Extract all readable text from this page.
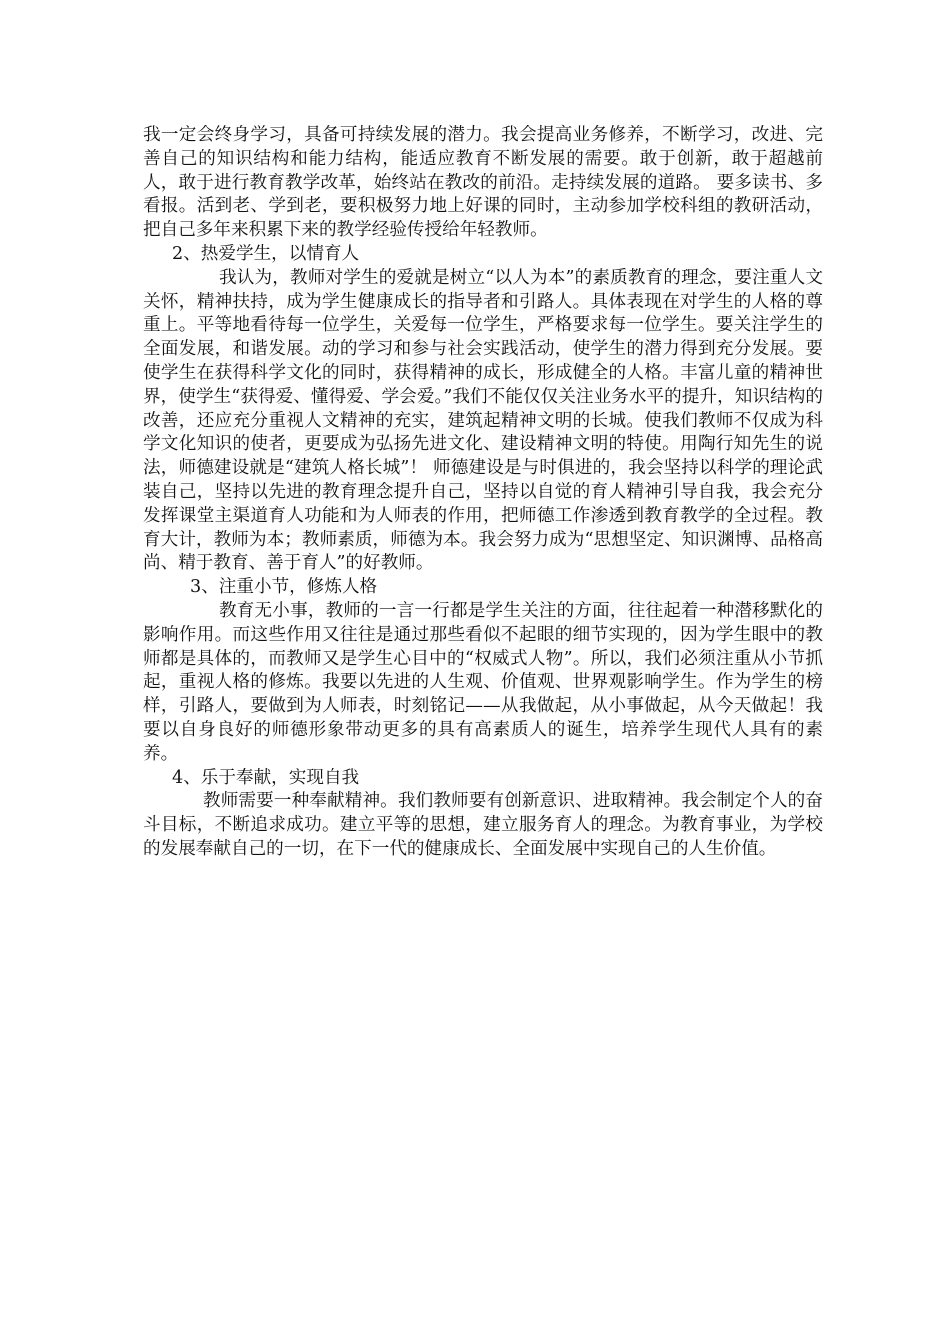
我一定会终身学习，具备可持续发展的潜力。我会提高业务修养，不断学习，改进、完善自己的知识结构和能力结构，能适应教育不断发展的需要。敢于创新，敢于超越前人，敢于进行教育教学改革，始终站在教改的前沿。走持续发展的道路。 要多读书、多看报。活到老、学到老，要积极努力地上好课的同时，主动参加学校科组的教研活动，把自己多年来积累下来的教学经验传授给年轻教师。

2、热爱学生，以情育人

我认为，教师对学生的爱就是树立“以人为本”的素质教育的理念，要注重人文关怀，精神扶持，成为学生健康成长的指导者和引路人。具体表现在对学生的人格的尊重上。平等地看待每一位学生，关爱每一位学生，严格要求每一位学生。要关注学生的全面发展，和谐发展。动的学习和参与社会实践活动，使学生的潜力得到充分发展。要使学生在获得科学文化的同时，获得精神的成长，形成健全的人格。丰富儿童的精神世界，使学生“获得爱、懂得爱、学会爱。”我们不能仅仅关注业务水平的提升，知识结构的改善，还应充分重视人文精神的充实，建筑起精神文明的长城。使我们教师不仅成为科学文化知识的使者，更要成为弘扬先进文化、建设精神文明的特使。用陶行知先生的说法，师德建设就是“建筑人格长城”！ 师德建设是与时俱进的，我会坚持以科学的理论武装自己，坚持以先进的教育理念提升自己，坚持以自觉的育人精神引导自我，我会充分发挥课堂主渠道育人功能和为人师表的作用，把师德工作渗透到教育教学的全过程。教育大计，教师为本；教师素质，师德为本。我会努力成为“思想坚定、知识渊博、品格高尚、精于教育、善于育人”的好教师。

3、注重小节，修炼人格

教育无小事，教师的一言一行都是学生关注的方面，往往起着一种潜移默化的影响作用。而这些作用又往往是通过那些看似不起眼的细节实现的，因为学生眼中的教师都是具体的，而教师又是学生心目中的“权威式人物”。所以，我们必须注重从小节抓起，重视人格的修炼。我要以先进的人生观、价值观、世界观影响学生。作为学生的榜样，引路人，要做到为人师表，时刻铭记——从我做起，从小事做起，从今天做起！我要以自身良好的师德形象带动更多的具有高素质人的诞生，培养学生现代人具有的素养。

4、乐于奉献，实现自我

教师需要一种奉献精神。我们教师要有创新意识、进取精神。我会制定个人的奋斗目标，不断追求成功。建立平等的思想，建立服务育人的理念。为教育事业，为学校的发展奉献自己的一切，在下一代的健康成长、全面发展中实现自己的人生价值。
